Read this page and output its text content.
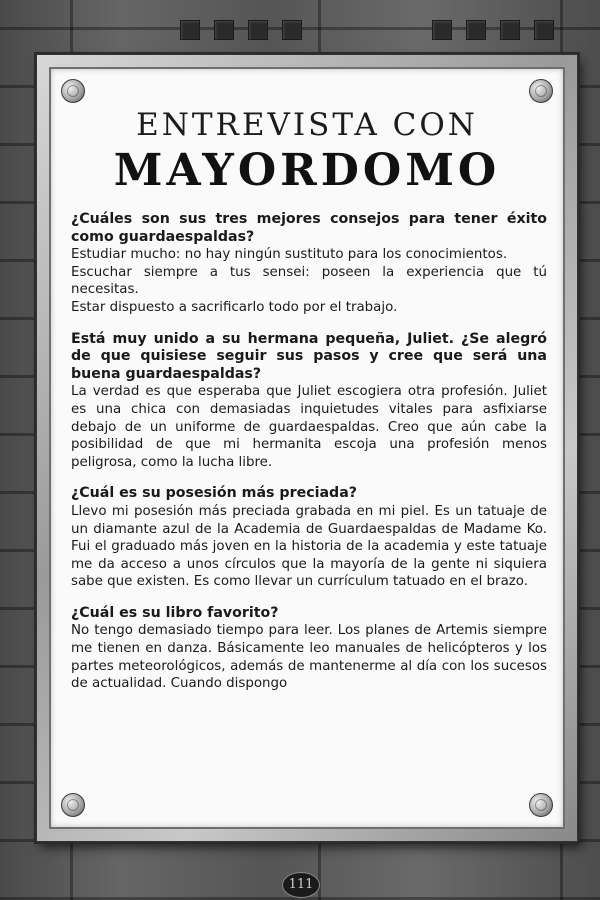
ENTREVISTA CON
MAYORDOMO

¿Cuáles son sus tres mejores consejos para tener éxito como guardaespaldas?

Estudiar mucho: no hay ningún sustituto para los conocimientos.

Escuchar siempre a tus sensei: poseen la experiencia que tú necesitas.

Estar dispuesto a sacrificarlo todo por el trabajo.

Está muy unido a su hermana pequeña, Juliet. ¿Se alegró de que quisiese seguir sus pasos y cree que será una buena guardaespaldas?

La verdad es que esperaba que Juliet escogiera otra profesión. Juliet es una chica con demasiadas inquietudes vitales para asfixiarse debajo de un uniforme de guardaespaldas. Creo que aún cabe la posibilidad de que mi hermanita escoja una profesión menos peligrosa, como la lucha libre.

¿Cuál es su posesión más preciada?

Llevo mi posesión más preciada grabada en mi piel. Es un tatuaje de un diamante azul de la Academia de Guardaespaldas de Madame Ko. Fui el graduado más joven en la historia de la academia y este tatuaje me da acceso a unos círculos que la mayoría de la gente ni siquiera sabe que existen. Es como llevar un currículum tatuado en el brazo.

¿Cuál es su libro favorito?

No tengo demasiado tiempo para leer. Los planes de Artemis siempre me tienen en danza. Básicamente leo manuales de helicópteros y los partes meteorológicos, además de mantenerme al día con los sucesos de actualidad. Cuando dispongo

111
